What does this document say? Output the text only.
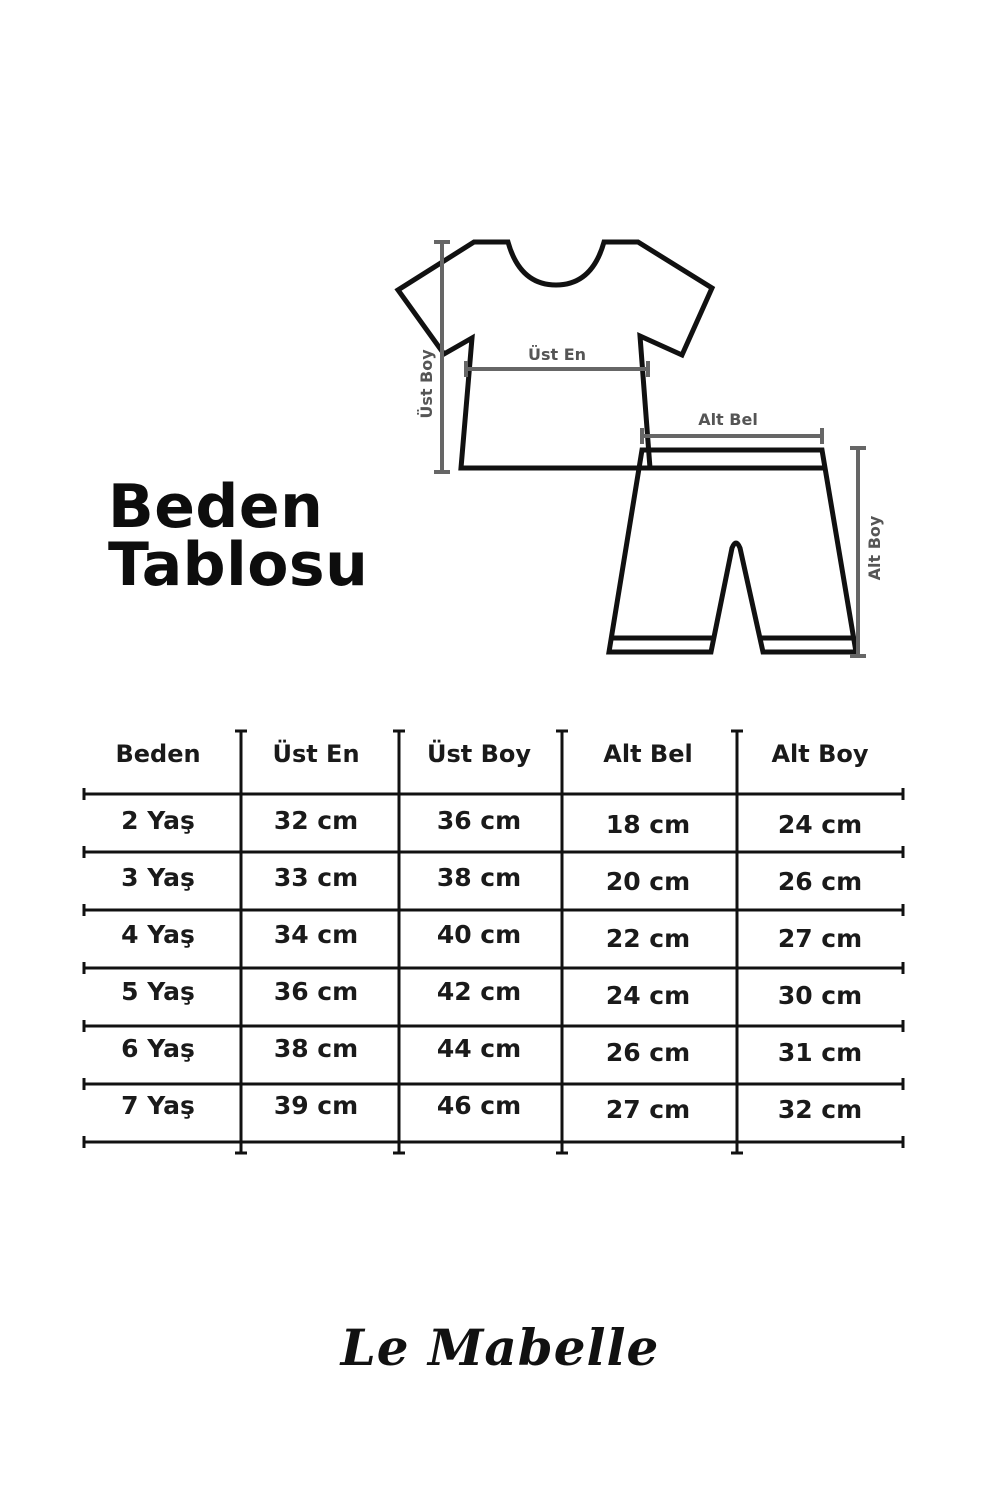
Beden
Tablosu
Üst Boy	Üst En
Alt Bel
Alt Boy
Beden	Üst En	Üst Boy	Alt Bel	Alt Boy
2 Yaş	32 cm	36 cm	18 cm	24 cm
3 Yaş	33 cm	38 cm	20 cm	26 cm
4 Yaş	34 cm	40 cm	22 cm	27 cm
5 Yaş	36 cm	42 cm	24 cm	30 cm
6 Yaş	38 cm	44 cm	26 cm	31 cm
7 Yaş	39 cm	46 cm	27 cm	32 cm
Le Mabelle
